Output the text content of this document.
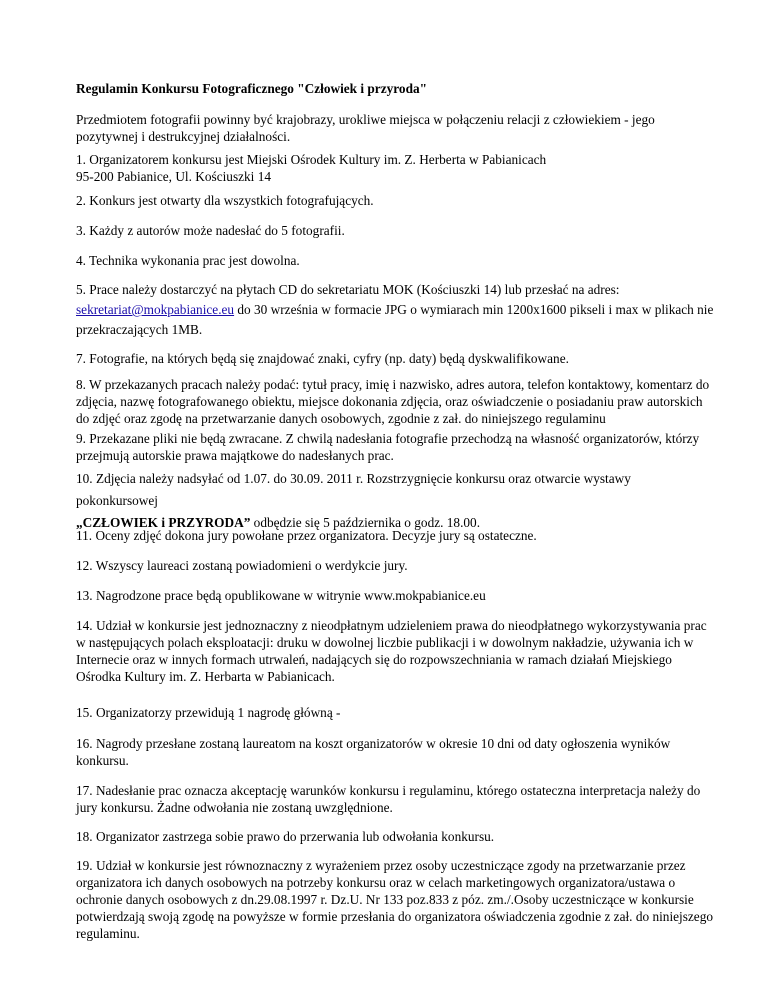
Regulamin Konkursu Fotograficznego "Człowiek i przyroda"

Przedmiotem fotografii powinny być krajobrazy, urokliwe miejsca w połączeniu relacji z człowiekiem - jego pozytywnej i destrukcyjnej działalności.

1. Organizatorem konkursu jest Miejski Ośrodek Kultury im. Z. Herberta w Pabianicach
95-200 Pabianice, Ul. Kościuszki 14

2. Konkurs jest otwarty dla wszystkich fotografujących.

3. Każdy z autorów może nadesłać do 5 fotografii.

4. Technika wykonania prac jest dowolna.

5. Prace należy dostarczyć na płytach CD do sekretariatu MOK (Kościuszki 14) lub przesłać na adres:
sekretariat@mokpabianice.eu do 30 września w formacie JPG o wymiarach min 1200x1600 pikseli i max w plikach nie
przekraczających 1MB.

7. Fotografie, na których będą się znajdować znaki, cyfry (np. daty) będą dyskwalifikowane.

8. W przekazanych pracach należy podać: tytuł pracy, imię i nazwisko, adres autora, telefon kontaktowy, komentarz do zdjęcia, nazwę fotografowanego obiektu, miejsce dokonania zdjęcia, oraz oświadczenie o posiadaniu praw autorskich do zdjęć oraz zgodę na przetwarzanie danych osobowych, zgodnie z zał. do niniejszego regulaminu

9. Przekazane pliki nie będą zwracane. Z chwilą nadesłania fotografie przechodzą na własność organizatorów, którzy przejmują autorskie prawa majątkowe do nadesłanych prac.

10. Zdjęcia należy nadsyłać od 1.07. do 30.09. 2011 r. Rozstrzygnięcie konkursu oraz otwarcie wystawy pokonkursowej
„CZŁOWIEK i PRZYRODA” odbędzie się 5 października o godz. 18.00.

11. Oceny zdjęć dokona jury powołane przez organizatora. Decyzje jury są ostateczne.

12. Wszyscy laureaci zostaną powiadomieni o werdykcie jury.

13. Nagrodzone prace będą opublikowane w witrynie www.mokpabianice.eu

14. Udział w konkursie jest jednoznaczny z nieodpłatnym udzieleniem prawa do nieodpłatnego wykorzystywania prac w następujących polach eksploatacji: druku w dowolnej liczbie publikacji i w dowolnym nakładzie, używania ich w Internecie oraz w innych formach utrwaleń, nadających się do rozpowszechniania w ramach działań Miejskiego Ośrodka Kultury im. Z. Herbarta w Pabianicach.

15. Organizatorzy przewidują 1 nagrodę główną -

16. Nagrody przesłane zostaną laureatom na koszt organizatorów w okresie 10 dni od daty ogłoszenia wyników konkursu.

17. Nadesłanie prac oznacza akceptację warunków konkursu i regulaminu, którego ostateczna interpretacja należy do jury konkursu. Żadne odwołania nie zostaną uwzględnione.

18. Organizator zastrzega sobie prawo do przerwania lub odwołania konkursu.

19. Udział w konkursie jest równoznaczny z wyrażeniem przez osoby uczestniczące zgody na przetwarzanie przez organizatora ich danych osobowych na potrzeby konkursu oraz w celach marketingowych organizatora/ustawa o ochronie danych osobowych z dn.29.08.1997 r. Dz.U. Nr 133 poz.833 z póz. zm./.Osoby uczestniczące w konkursie potwierdzają swoją zgodę na powyższe w formie przesłania do organizatora oświadczenia zgodnie z zał. do niniejszego regulaminu.
